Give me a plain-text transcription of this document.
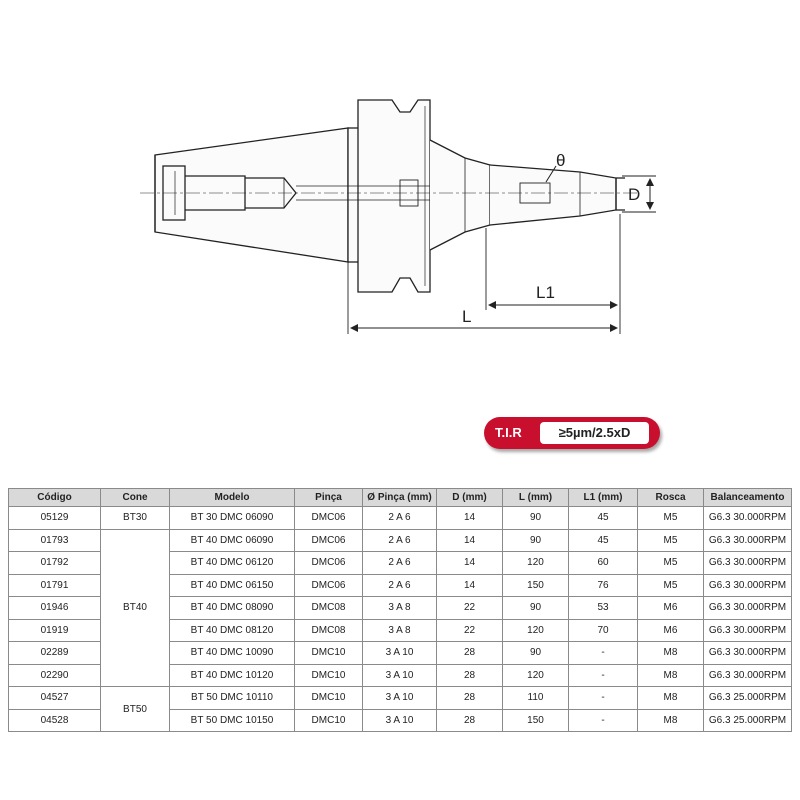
L
L1
D
θ
T.I.R	≥5µm/2.5xD
Código	Cone	Modelo	Pinça	Ø Pinça (mm)	D (mm)	L (mm)	L1 (mm)	Rosca	Balanceamento
05129	BT30	BT 30 DMC 06090	DMC06	2 A 6	14	90	45	M5	G6.3 30.000RPM
01793	BT40	BT 40 DMC 06090	DMC06	2 A 6	14	90	45	M5	G6.3 30.000RPM
01792		BT 40 DMC 06120	DMC06	2 A 6	14	120	60	M5	G6.3 30.000RPM
01791		BT 40 DMC 06150	DMC06	2 A 6	14	150	76	M5	G6.3 30.000RPM
01946		BT 40 DMC 08090	DMC08	3 A 8	22	90	53	M6	G6.3 30.000RPM
01919		BT 40 DMC 08120	DMC08	3 A 8	22	120	70	M6	G6.3 30.000RPM
02289		BT 40 DMC 10090	DMC10	3 A 10	28	90	-	M8	G6.3 30.000RPM
02290		BT 40 DMC 10120	DMC10	3 A 10	28	120	-	M8	G6.3 30.000RPM
04527	BT50	BT 50 DMC 10110	DMC10	3 A 10	28	110	-	M8	G6.3 25.000RPM
04528		BT 50 DMC 10150	DMC10	3 A 10	28	150	-	M8	G6.3 25.000RPM
